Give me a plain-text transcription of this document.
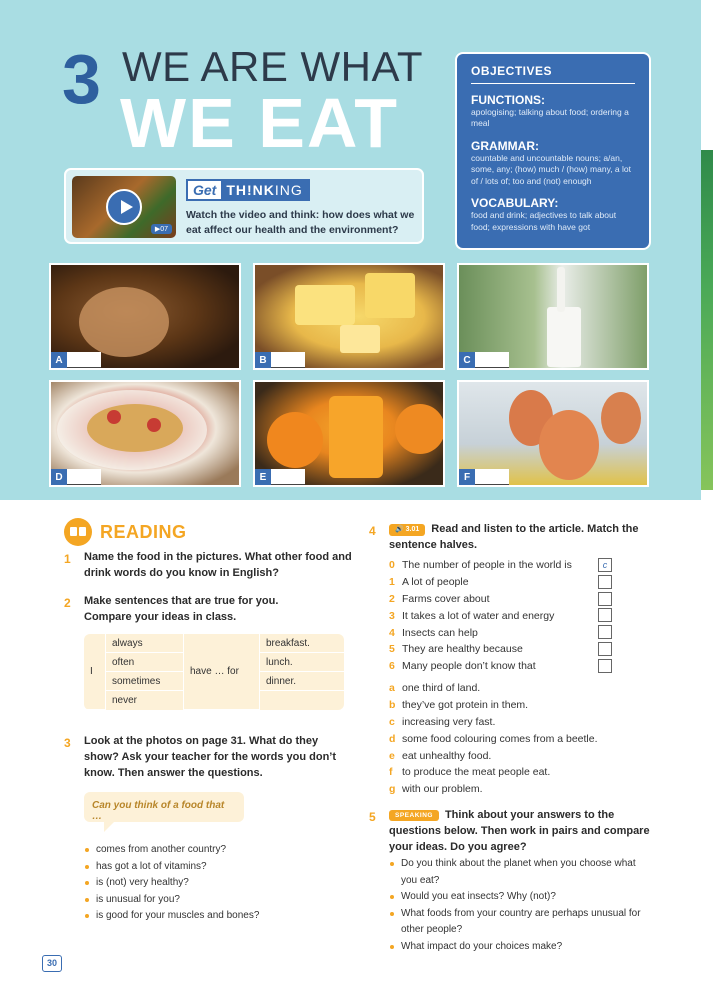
3 WE ARE WHAT
WE EAT
OBJECTIVES
FUNCTIONS:
apologising; talking about food; ordering a meal
GRAMMAR:
countable and uncountable nouns; a/an, some, any; (how) much / (how) many, a lot of / lots of; too and (not) enough
VOCABULARY:
food and drink; adjectives to talk about food; expressions with have got
▶07
Get TH!NKING
Watch the video and think: how does what we eat affect our health and the environment?
A	B	C
D	E	F
READING
1 Name the food in the pictures. What other food and drink words do you know in English?
2 Make sentences that are true for you. Compare your ideas in class.
I	always	have … for	breakfast.
	often		lunch.
	sometimes		dinner.
	never		
3 Look at the photos on page 31. What do they show? Ask your teacher for the words you don’t know. Then answer the questions.
Can you think of a food that …
comes from another country?
has got a lot of vitamins?
is (not) very healthy?
is unusual for you?
is good for your muscles and bones?
4	🔊 3.01 Read and listen to the article. Match the sentence halves.
0 The number of people in the world is	c
1 A lot of people
2 Farms cover about
3 It takes a lot of water and energy
4 Insects can help
5 They are healthy because
6 Many people don’t know that
a one third of land.
b they’ve got protein in them.
c increasing very fast.
d some food colouring comes from a beetle.
e eat unhealthy food.
f to produce the meat people eat.
g with our problem.
5	SPEAKING Think about your answers to the questions below. Then work in pairs and compare your ideas. Do you agree?
Do you think about the planet when you choose what you eat?
Would you eat insects? Why (not)?
What foods from your country are perhaps unusual for other people?
What impact do your choices make?
30
